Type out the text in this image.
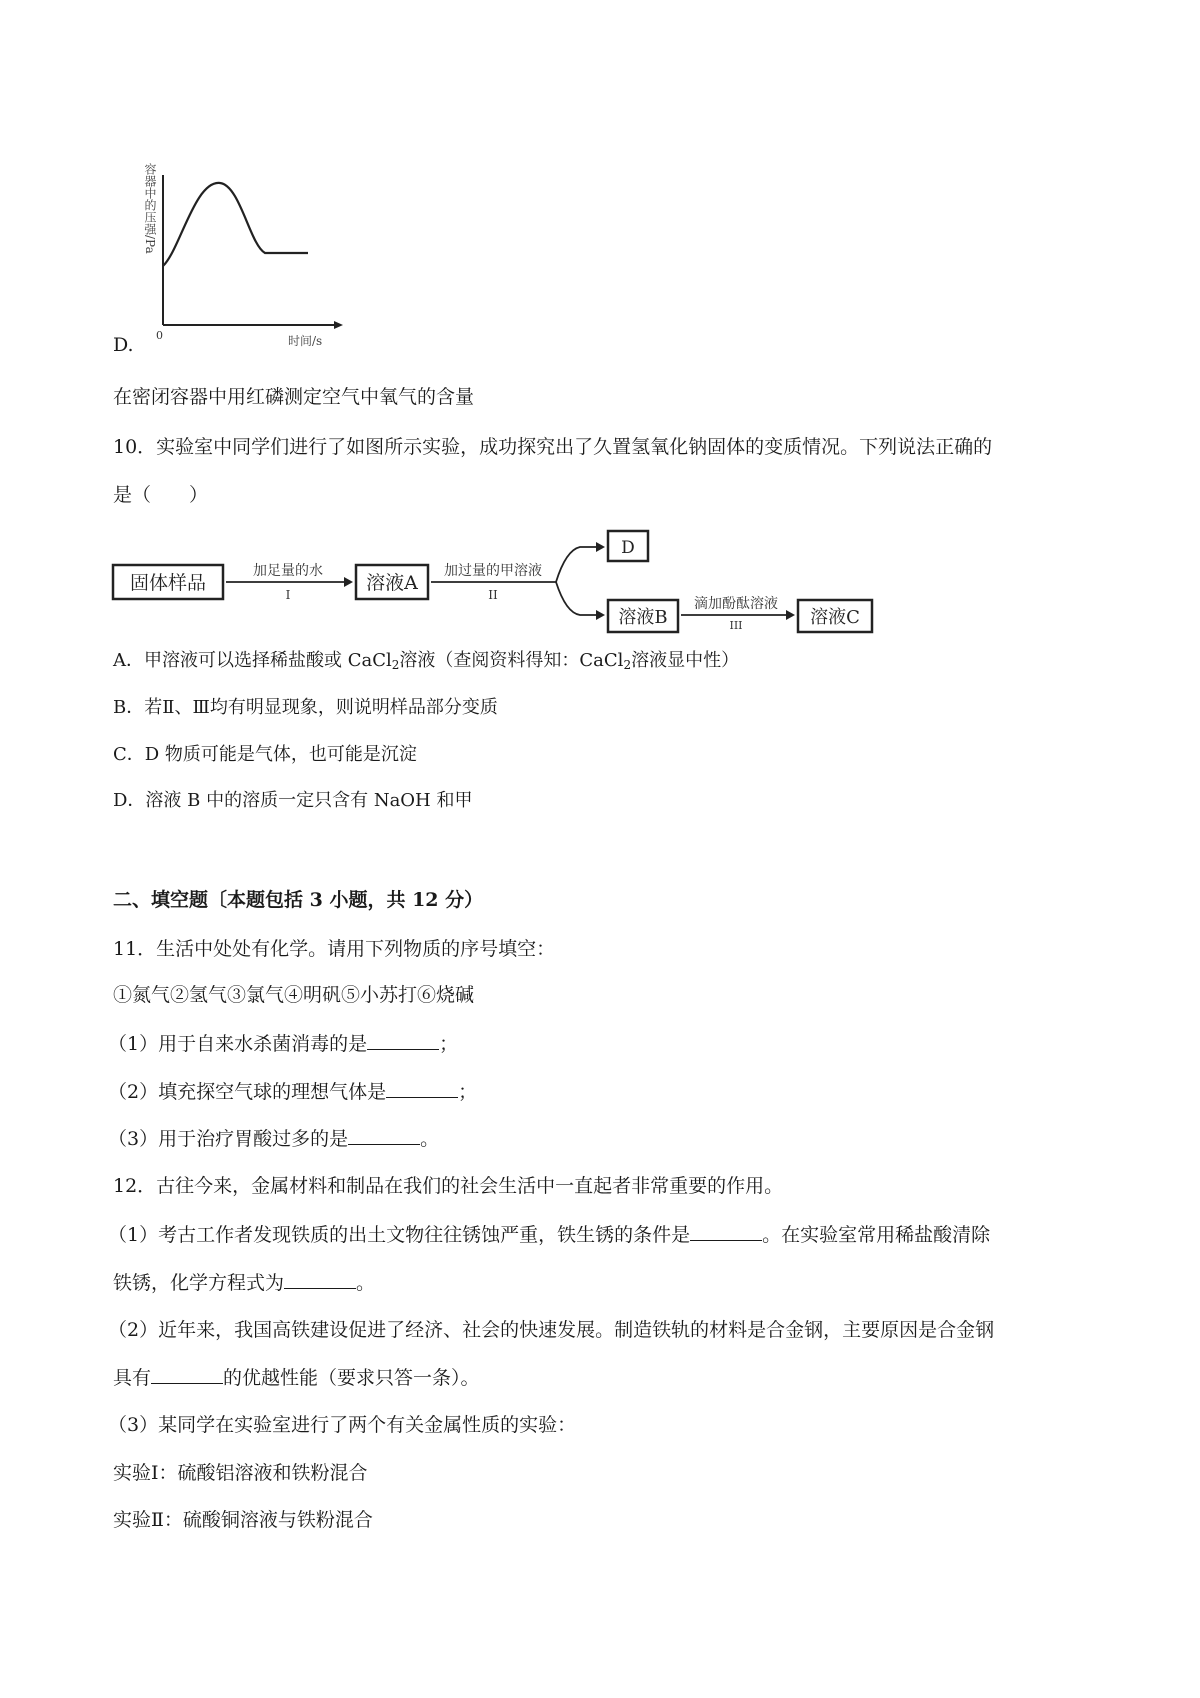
D.
容器中的压强/Pa
0	时间/s
在密闭容器中用红磷测定空气中氧气的含量
10．实验室中同学们进行了如图所示实验，成功探究出了久置氢氧化钠固体的变质情况。下列说法正确的
是（　　）
固体样品
加足量的水
I
溶液A
加过量的甲溶液
II
D
溶液B
滴加酚酞溶液
III	溶液C
A．甲溶液可以选择稀盐酸或 CaCl$_2$溶液（查阅资料得知：CaCl$_2$溶液显中性）
B．若Ⅱ、Ⅲ均有明显现象，则说明样品部分变质
C．D 物质可能是气体，也可能是沉淀
D．溶液 B 中的溶质一定只含有 NaOH 和甲
二、填空题〔本题包括 3 小题，共 12 分）
11．生活中处处有化学。请用下列物质的序号填空：
①氮气②氢气③氯气④明矾⑤小苏打⑥烧碱
（1）用于自来水杀菌消毒的是	；
（2）填充探空气球的理想气体是	；
（3）用于治疗胃酸过多的是	。
12．古往今来，金属材料和制品在我们的社会生活中一直起者非常重要的作用。
（1）考古工作者发现铁质的出土文物往往锈蚀严重，铁生锈的条件是	。在实验室常用稀盐酸清除
铁锈，化学方程式为	。
（2）近年来，我国高铁建设促进了经济、社会的快速发展。制造铁轨的材料是合金钢，主要原因是合金钢
具有	的优越性能（要求只答一条）。
（3）某同学在实验室进行了两个有关金属性质的实验：
实验Ⅰ：硫酸铝溶液和铁粉混合
实验Ⅱ：硫酸铜溶液与铁粉混合
